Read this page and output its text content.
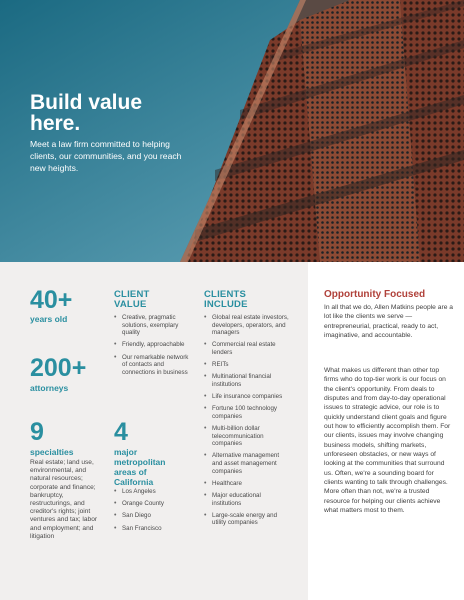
Build value here.

Meet a law firm committed to helping clients, our communities, and you reach new heights.

40+

years old

200+

attorneys

9

specialties

Real estate; land use, environmental, and natural resources; corporate and finance; bankruptcy, restructurings, and creditor's rights; joint ventures and tax; labor and employment; and litigation

4

major metropolitan areas of California

• Los Angeles
• Orange County
• San Diego
• San Francisco

CLIENT VALUE

• Creative, pragmatic solutions, exemplary quality
• Friendly, approachable
• Our remarkable network of contacts and connections in business

CLIENTS INCLUDE

• Global real estate investors, developers, operators, and managers
• Commercial real estate lenders
• REITs
• Multinational financial institutions
• Life insurance companies
• Fortune 100 technology companies
• Multi-billion dollar telecommunication companies
• Alternative management and asset management companies
• Healthcare
• Major educational institutions
• Large-scale energy and utility companies
Opportunity Focused

In all that we do, Allen Matkins people are a lot like the clients we serve — entrepreneurial, practical, ready to act, imaginative, and accountable.

What makes us different than other top firms who do top-tier work is our focus on the client's opportunity. From deals to disputes and from day-to-day operational issues to strategic advice, our role is to quickly understand client goals and figure out how to efficiently accomplish them. For our clients, issues may involve changing business models, shifting markets, unforeseen obstacles, or new ways of looking at the communities that surround us. Often, we're a sounding board for clients wanting to talk through challenges. More often than not, we're a trusted resource for helping our clients achieve what matters most to them.
